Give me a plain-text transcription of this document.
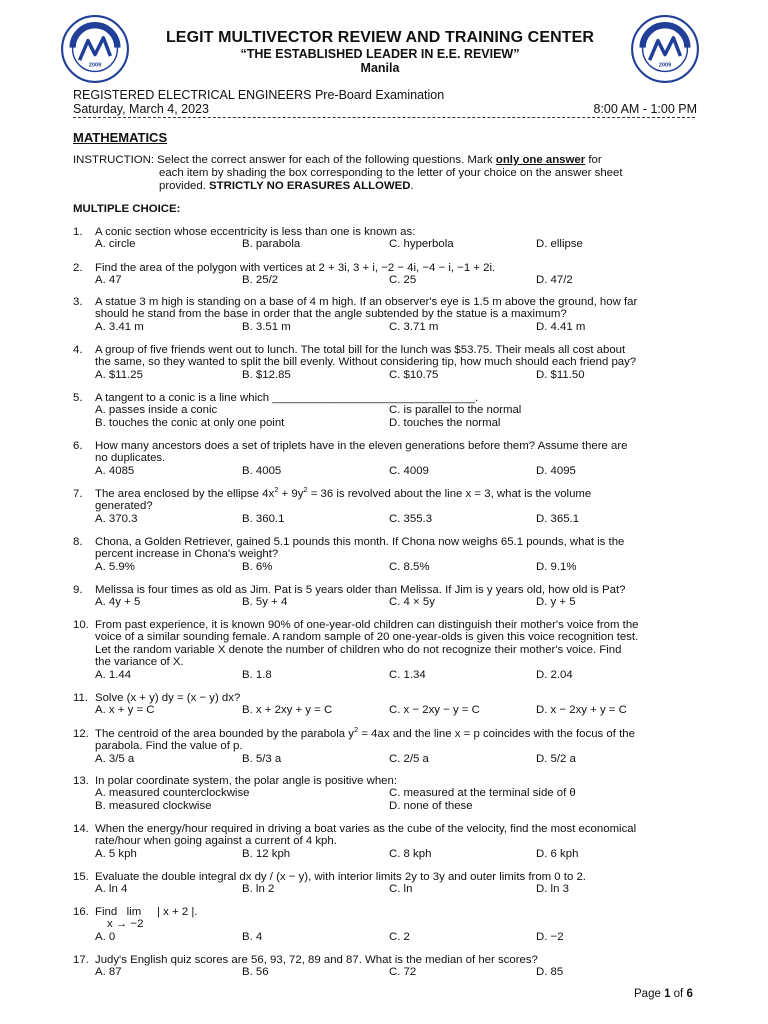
2009	2009
LEGIT MULTIVECTOR REVIEW AND TRAINING CENTER
“THE ESTABLISHED LEADER IN E.E. REVIEW”
Manila
REGISTERED ELECTRICAL ENGINEERS Pre-Board Examination
Saturday, March 4, 2023	8:00 AM - 1:00 PM
MATHEMATICS
INSTRUCTION: Select the correct answer for each of the following questions. Mark only one answer for
each item by shading the box corresponding to the letter of your choice on the answer sheet
provided. STRICTLY NO ERASURES ALLOWED.
MULTIPLE CHOICE:
1.	A conic section whose eccentricity is less than one is known as:
A. circle	B. parabola	C. hyperbola	D. ellipse
2.	Find the area of the polygon with vertices at 2 + 3i, 3 + i, −2 − 4i, −4 − i, −1 + 2i.
A. 47	B. 25/2	C. 25	D. 47/2
3.	A statue 3 m high is standing on a base of 4 m high. If an observer's eye is 1.5 m above the ground, how far
should he stand from the base in order that the angle subtended by the statue is a maximum?
A. 3.41 m	B. 3.51 m	C. 3.71 m	D. 4.41 m
4.	A group of five friends went out to lunch. The total bill for the lunch was $53.75. Their meals all cost about
the same, so they wanted to split the bill evenly. Without considering tip, how much should each friend pay?
A. $11.25	B. $12.85	C. $10.75	D. $11.50
5.	A tangent to a conic is a line which ________________________________.
A. passes inside a conic	C. is parallel to the normal
B. touches the conic at only one point	D. touches the normal
6.	How many ancestors does a set of triplets have in the eleven generations before them? Assume there are
no duplicates.
A. 4085	B. 4005	C. 4009	D. 4095
7.	The area enclosed by the ellipse $4x^2 + 9y^2 = 36$ is revolved about the line x = 3, what is the volume
generated?
A. 370.3	B. 360.1	C. 355.3	D. 365.1
8.	Chona, a Golden Retriever, gained 5.1 pounds this month. If Chona now weighs 65.1 pounds, what is the
percent increase in Chona's weight?
A. 5.9%	B. 6%	C. 8.5%	D. 9.1%
9.	Melissa is four times as old as Jim. Pat is 5 years older than Melissa. If Jim is y years old, how old is Pat?
A. 4y + 5	B. 5y + 4	C. 4 × 5y	D. y + 5
10. From past experience, it is known 90% of one-year-old children can distinguish their mother's voice from the
voice of a similar sounding female. A random sample of 20 one-year-olds is given this voice recognition test.
Let the random variable X denote the number of children who do not recognize their mother's voice. Find
the variance of X.
A. 1.44	B. 1.8	C. 1.34	D. 2.04
11. Solve (x + y) dy = (x − y) dx?
A. x + y = C	B. x + 2xy + y = C	C. x − 2xy − y = C	D. x − 2xy + y = C
12. The centroid of the area bounded by the parabola $y^2 = 4ax$ and the line x = p coincides with the focus of the
parabola. Find the value of p.
A. 3/5 a	B. 5/3 a	C. 2/5 a	D. 5/2 a
13. In polar coordinate system, the polar angle is positive when:
A. measured counterclockwise	C. measured at the terminal side of θ
B. measured clockwise	D. none of these
14. When the energy/hour required in driving a boat varies as the cube of the velocity, find the most economical
rate/hour when going against a current of 4 kph.
A. 5 kph	B. 12 kph	C. 8 kph	D. 6 kph
15. Evaluate the double integral dx dy / (x − y), with interior limits 2y to 3y and outer limits from 0 to 2.
A. ln 4	B. ln 2	C. ln	D. ln 3
16. Find   lim     | x + 2 |.
x → −2
A. 0	B. 4	C. 2	D. −2
17. Judy's English quiz scores are 56, 93, 72, 89 and 87. What is the median of her scores?
A. 87	B. 56	C. 72	D. 85
Page 1 of 6
